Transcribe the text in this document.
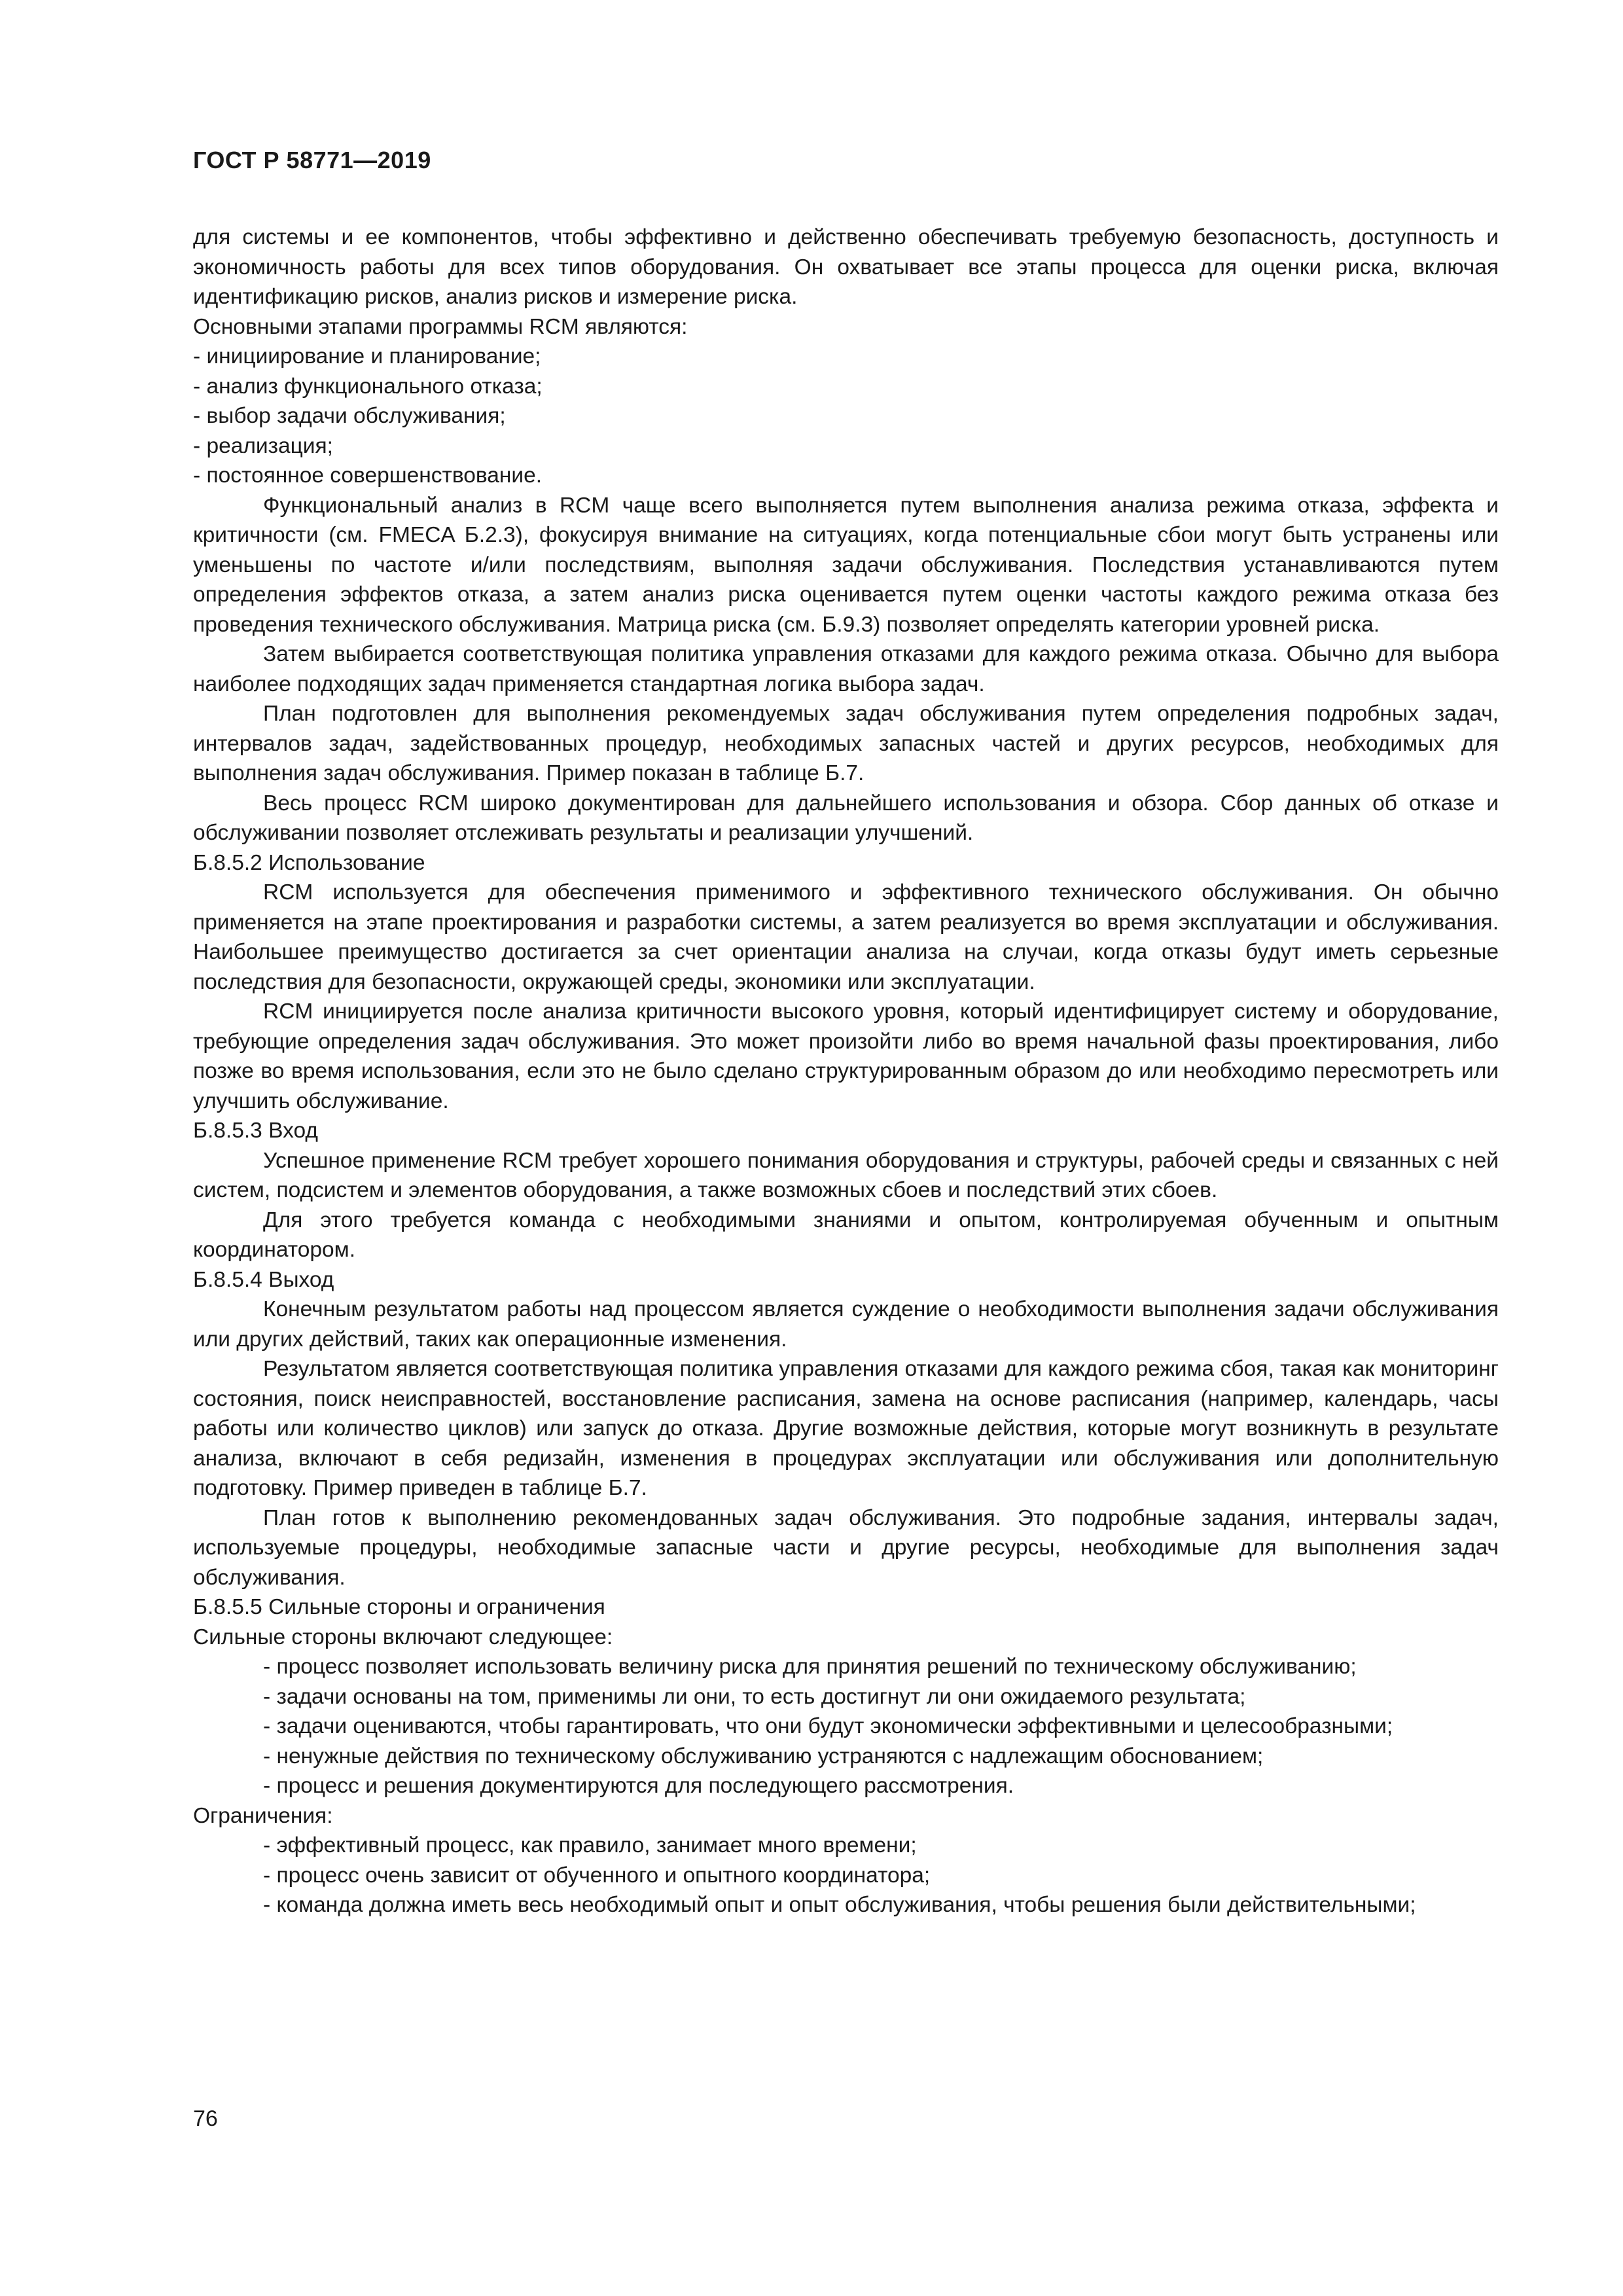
ГОСТ Р 58771—2019

для системы и ее компонентов, чтобы эффективно и действенно обеспечивать требуемую безопасность, доступность и экономичность работы для всех типов оборудования. Он охватывает все этапы процесса для оценки риска, включая идентификацию рисков, анализ рисков и измерение риска.

Основными этапами программы RCM являются:

- инициирование и планирование;

- анализ функционального отказа;

- выбор задачи обслуживания;

- реализация;

- постоянное совершенствование.

Функциональный анализ в RCM чаще всего выполняется путем выполнения анализа режима отказа, эффекта и критичности (см. FMECA Б.2.3), фокусируя внимание на ситуациях, когда потенциальные сбои могут быть устранены или уменьшены по частоте и/или последствиям, выполняя задачи обслуживания. Последствия устанавливаются путем определения эффектов отказа, а затем анализ риска оценивается путем оценки частоты каждого режима отказа без проведения технического обслуживания. Матрица риска (см. Б.9.3) позволяет определять категории уровней риска.

Затем выбирается соответствующая политика управления отказами для каждого режима отказа. Обычно для выбора наиболее подходящих задач применяется стандартная логика выбора задач.

План подготовлен для выполнения рекомендуемых задач обслуживания путем определения подробных задач, интервалов задач, задействованных процедур, необходимых запасных частей и других ресурсов, необходимых для выполнения задач обслуживания. Пример показан в таблице Б.7.

Весь процесс RCM широко документирован для дальнейшего использования и обзора. Сбор данных об отказе и обслуживании позволяет отслеживать результаты и реализации улучшений.

Б.8.5.2 Использование

RCM используется для обеспечения применимого и эффективного технического обслуживания. Он обычно применяется на этапе проектирования и разработки системы, а затем реализуется во время эксплуатации и обслуживания. Наибольшее преимущество достигается за счет ориентации анализа на случаи, когда отказы будут иметь серьезные последствия для безопасности, окружающей среды, экономики или эксплуатации.

RCM инициируется после анализа критичности высокого уровня, который идентифицирует систему и оборудование, требующие определения задач обслуживания. Это может произойти либо во время начальной фазы проектирования, либо позже во время использования, если это не было сделано структурированным образом до или необходимо пересмотреть или улучшить обслуживание.

Б.8.5.3 Вход

Успешное применение RCM требует хорошего понимания оборудования и структуры, рабочей среды и связанных с ней систем, подсистем и элементов оборудования, а также возможных сбоев и последствий этих сбоев.

Для этого требуется команда с необходимыми знаниями и опытом, контролируемая обученным и опытным координатором.

Б.8.5.4 Выход

Конечным результатом работы над процессом является суждение о необходимости выполнения задачи обслуживания или других действий, таких как операционные изменения.

Результатом является соответствующая политика управления отказами для каждого режима сбоя, такая как мониторинг состояния, поиск неисправностей, восстановление расписания, замена на основе расписания (например, календарь, часы работы или количество циклов) или запуск до отказа. Другие возможные действия, которые могут возникнуть в результате анализа, включают в себя редизайн, изменения в процедурах эксплуатации или обслуживания или дополнительную подготовку. Пример приведен в таблице Б.7.

План готов к выполнению рекомендованных задач обслуживания. Это подробные задания, интервалы задач, используемые процедуры, необходимые запасные части и другие ресурсы, необходимые для выполнения задач обслуживания.

Б.8.5.5 Сильные стороны и ограничения

Сильные стороны включают следующее:

- процесс позволяет использовать величину риска для принятия решений по техническому обслуживанию;

- задачи основаны на том, применимы ли они, то есть достигнут ли они ожидаемого результата;

- задачи оцениваются, чтобы гарантировать, что они будут экономически эффективными и целесообразными;

- ненужные действия по техническому обслуживанию устраняются с надлежащим обоснованием;

- процесс и решения документируются для последующего рассмотрения.

Ограничения:

- эффективный процесс, как правило, занимает много времени;

- процесс очень зависит от обученного и опытного координатора;

- команда должна иметь весь необходимый опыт и опыт обслуживания, чтобы решения были действительными;

76
